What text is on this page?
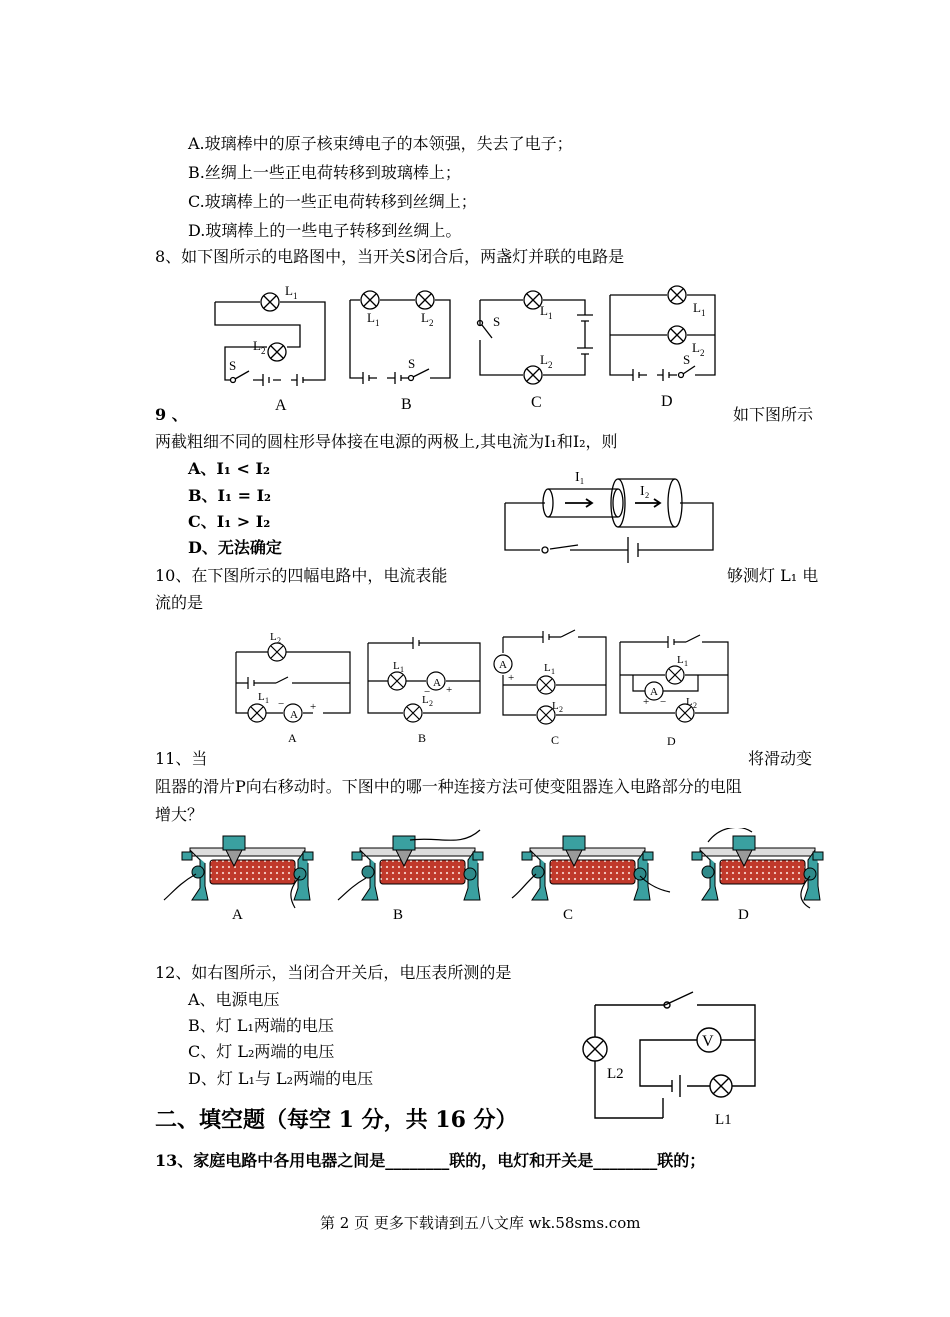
A.玻璃棒中的原子核束缚电子的本领强，失去了电子；
B.丝绸上一些正电荷转移到玻璃棒上；
C.玻璃棒上的一些正电荷转移到丝绸上；
D.玻璃棒上的一些电子转移到丝绸上。
8、如下图所示的电路图中，当开关S闭合后，两盏灯并联的电路是
L 1
L 2
S
L 1	L 2
S
S
L 1
L 2
L 1
L 2
S
A	B	C	D
9 、	如下图所示
两截粗细不同的圆柱形导体接在电源的两极上,其电流为I₁和I₂，则
A、I₁ < I₂
B、I₁ = I₂
C、I₁ > I₂
D、无法确定
I₁
I₂
10、在下图所示的四幅电路中，电流表能	够测灯 L₁ 电
流的是
A
A
A
A
− +
− +
+
+ −
L 2
L 1
L 1
L 2
L 1
L 2
L 1
L 2
A	B	C	D
11、当	将滑动变
阻器的滑片P向右移动时。下图中的哪一种连接方法可使变阻器连入电路部分的电阻
增大？
A	B	C	D
12、如右图所示，当闭合开关后，电压表所测的是
A、电源电压
B、灯 L₁两端的电压
C、灯 L₂两端的电压
D、灯 L₁与 L₂两端的电压
V
L2
L1
二、填空题（每空 1 分，共 16 分）
13、家庭电路中各用电器之间是________联的，电灯和开关是________联的；
第 2 页 更多下载请到五八文库 wk.58sms.com
